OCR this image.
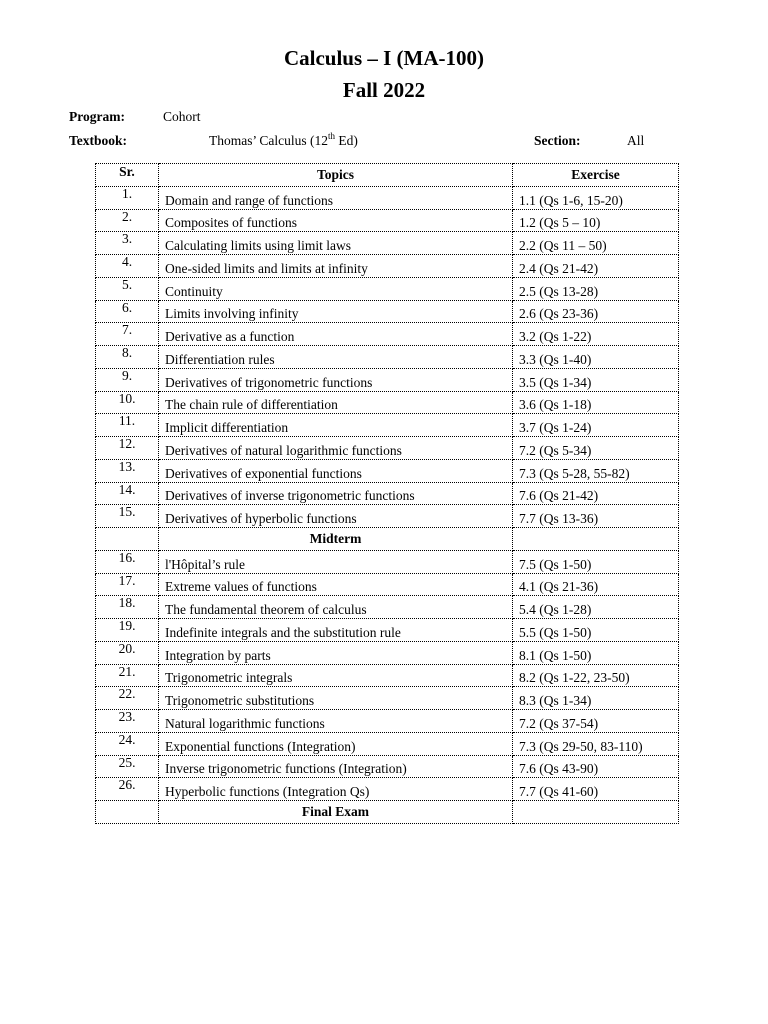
Calculus – I (MA-100)
Fall 2022
Program:	Cohort
Textbook:	Thomas’ Calculus (12th Ed)	Section:	All
Sr.	Topics	Exercise
1.	Domain and range of functions	1.1 (Qs 1-6, 15-20)
2.	Composites of functions	1.2 (Qs 5 – 10)
3.	Calculating limits using limit laws	2.2 (Qs 11 – 50)
4.	One-sided limits and limits at infinity	2.4 (Qs 21-42)
5.	Continuity	2.5 (Qs 13-28)
6.	Limits involving infinity	2.6 (Qs 23-36)
7.	Derivative as a function	3.2 (Qs 1-22)
8.	Differentiation rules	3.3 (Qs 1-40)
9.	Derivatives of trigonometric functions	3.5 (Qs 1-34)
10.	The chain rule of differentiation	3.6 (Qs 1-18)
11.	Implicit differentiation	3.7 (Qs 1-24)
12.	Derivatives of natural logarithmic functions	7.2 (Qs 5-34)
13.	Derivatives of exponential functions	7.3 (Qs 5-28, 55-82)
14.	Derivatives of inverse trigonometric functions	7.6 (Qs 21-42)
15.	Derivatives of hyperbolic functions	7.7 (Qs 13-36)
	Midterm	
16.	l'Hôpital’s rule	7.5 (Qs 1-50)
17.	Extreme values of functions	4.1 (Qs 21-36)
18.	The fundamental theorem of calculus	5.4 (Qs 1-28)
19.	Indefinite integrals and the substitution rule	5.5 (Qs 1-50)
20.	Integration by parts	8.1 (Qs 1-50)
21.	Trigonometric integrals	8.2 (Qs 1-22, 23-50)
22.	Trigonometric substitutions	8.3 (Qs 1-34)
23.	Natural logarithmic functions	7.2 (Qs 37-54)
24.	Exponential functions (Integration)	7.3 (Qs 29-50, 83-110)
25.	Inverse trigonometric functions (Integration)	7.6 (Qs 43-90)
26.	Hyperbolic functions (Integration Qs)	7.7 (Qs 41-60)
	Final Exam	
